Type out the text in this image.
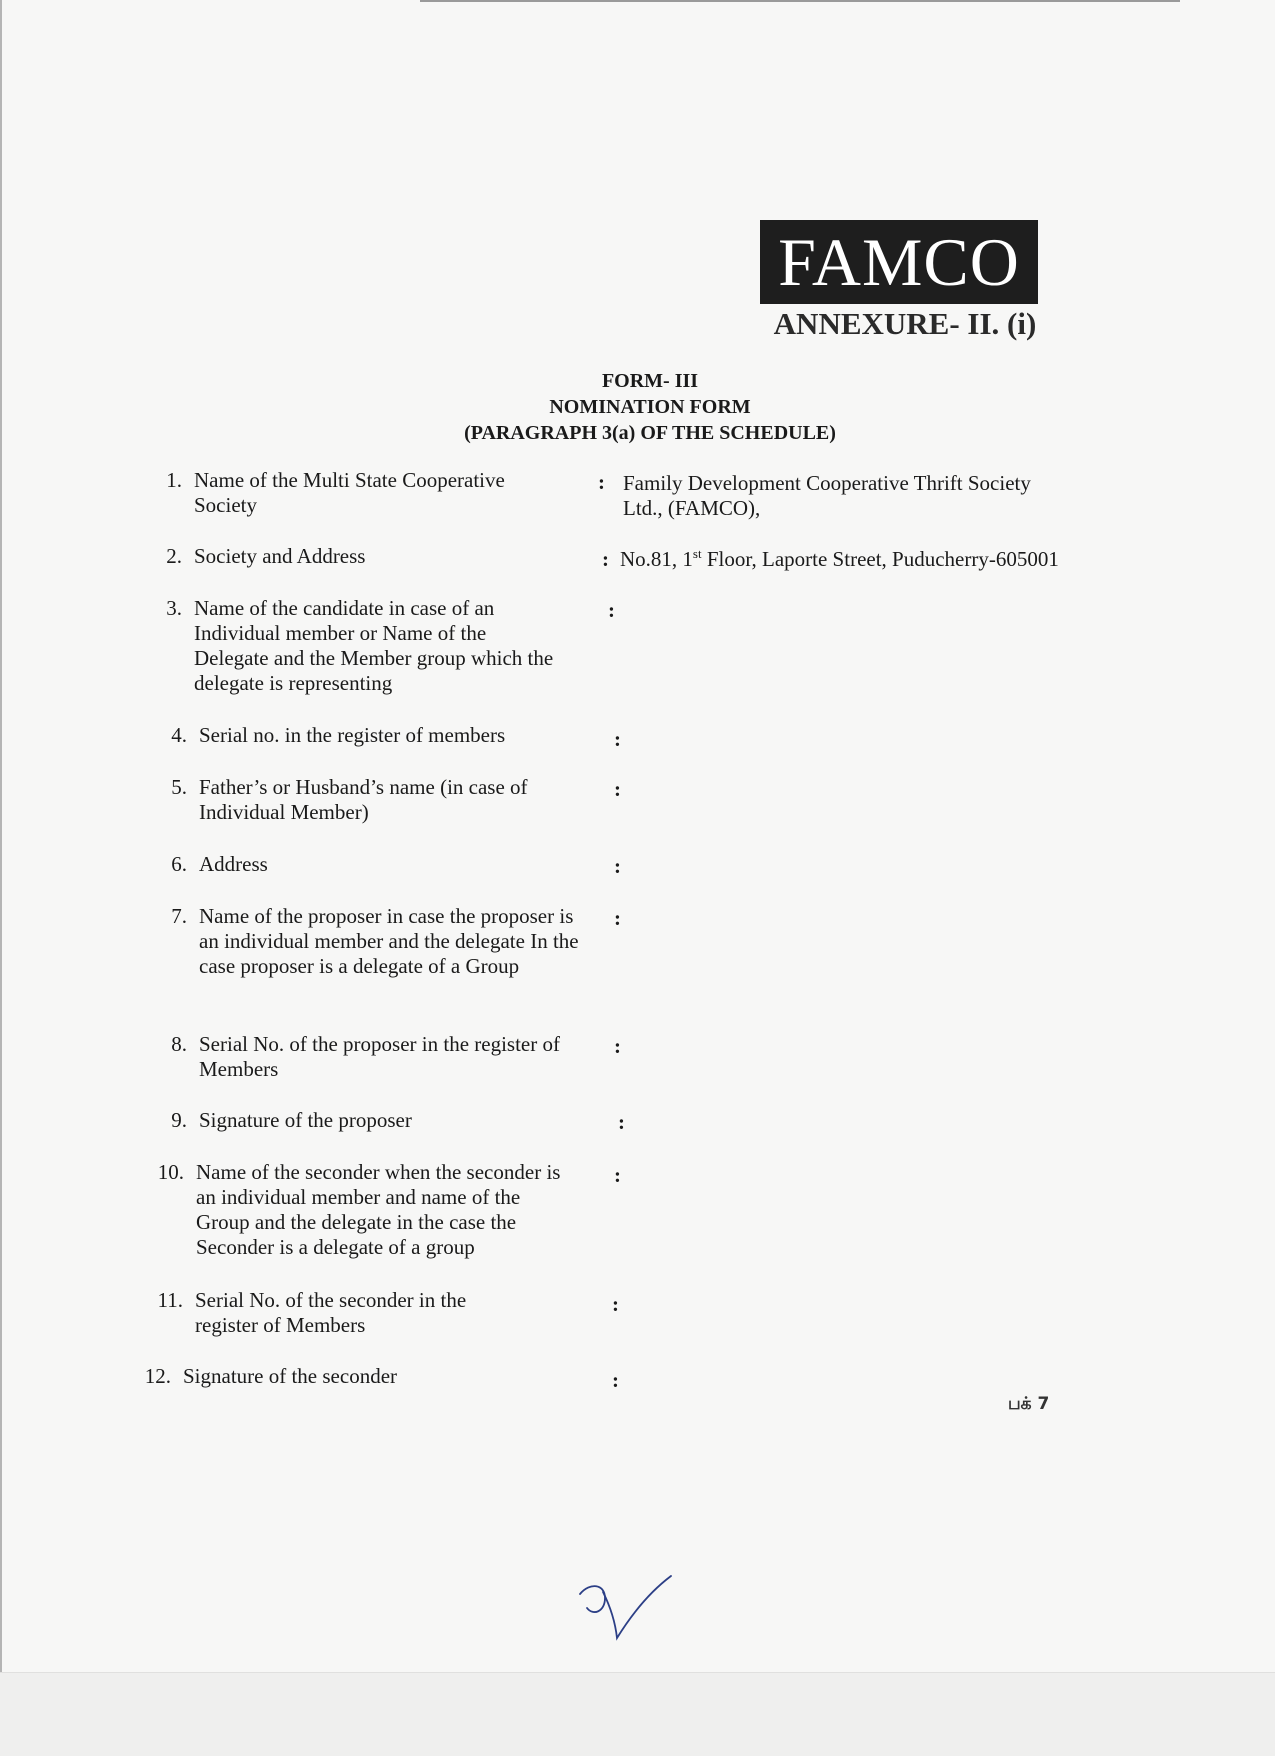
FAMCO
ANNEXURE- II. (i)
FORM- III
NOMINATION FORM
(PARAGRAPH 3(a) OF THE SCHEDULE)
1. Name of the Multi State Cooperative Society
: Family Development Cooperative Thrift Society Ltd., (FAMCO),
2. Society and Address	: No.81, 1st Floor, Laporte Street, Puducherry-605001
3. Name of the candidate in case of an Individual member or Name of the Delegate and the Member group which the delegate is representing
:
4. Serial no. in the register of members	:
5. Father’s or Husband’s name (in case of Individual Member)
:
6. Address	:
7. Name of the proposer in case the proposer is an individual member and the delegate In the case proposer is a delegate of a Group
:
8. Serial No. of the proposer in the register of Members
:
9. Signature of the proposer	:
10. Name of the seconder when the seconder is an individual member and name of the Group and the delegate in the case the Seconder is a delegate of a group
:
11. Serial No. of the seconder in the register of Members
:
12. Signature of the seconder	:
பக் 7
